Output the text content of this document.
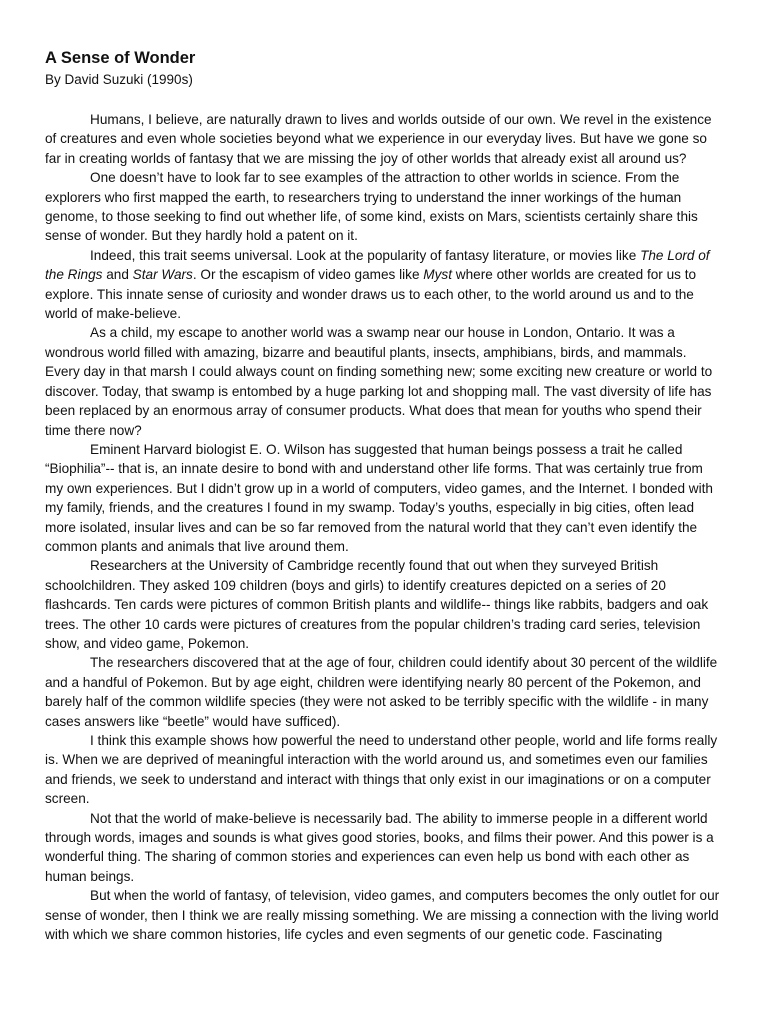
A Sense of Wonder

By David Suzuki (1990s)

Humans, I believe, are naturally drawn to lives and worlds outside of our own. We revel in the existence of creatures and even whole societies beyond what we experience in our everyday lives. But have we gone so far in creating worlds of fantasy that we are missing the joy of other worlds that already exist all around us?

One doesn’t have to look far to see examples of the attraction to other worlds in science. From the explorers who first mapped the earth, to researchers trying to understand the inner workings of the human genome, to those seeking to find out whether life, of some kind, exists on Mars, scientists certainly share this sense of wonder. But they hardly hold a patent on it.

Indeed, this trait seems universal. Look at the popularity of fantasy literature, or movies like The Lord of the Rings and Star Wars. Or the escapism of video games like Myst where other worlds are created for us to explore. This innate sense of curiosity and wonder draws us to each other, to the world around us and to the world of make-believe.

As a child, my escape to another world was a swamp near our house in London, Ontario. It was a wondrous world filled with amazing, bizarre and beautiful plants, insects, amphibians, birds, and mammals. Every day in that marsh I could always count on finding something new; some exciting new creature or world to discover. Today, that swamp is entombed by a huge parking lot and shopping mall. The vast diversity of life has been replaced by an enormous array of consumer products. What does that mean for youths who spend their time there now?

Eminent Harvard biologist E. O. Wilson has suggested that human beings possess a trait he called “Biophilia”-- that is, an innate desire to bond with and understand other life forms. That was certainly true from my own experiences. But I didn’t grow up in a world of computers, video games, and the Internet. I bonded with my family, friends, and the creatures I found in my swamp. Today’s youths, especially in big cities, often lead more isolated, insular lives and can be so far removed from the natural world that they can’t even identify the common plants and animals that live around them.

Researchers at the University of Cambridge recently found that out when they surveyed British schoolchildren. They asked 109 children (boys and girls) to identify creatures depicted on a series of 20 flashcards. Ten cards were pictures of common British plants and wildlife-- things like rabbits, badgers and oak trees. The other 10 cards were pictures of creatures from the popular children’s trading card series, television show, and video game, Pokemon.

The researchers discovered that at the age of four, children could identify about 30 percent of the wildlife and a handful of Pokemon. But by age eight, children were identifying nearly 80 percent of the Pokemon, and barely half of the common wildlife species (they were not asked to be terribly specific with the wildlife - in many cases answers like “beetle” would have sufficed).

I think this example shows how powerful the need to understand other people, world and life forms really is. When we are deprived of meaningful interaction with the world around us, and sometimes even our families and friends, we seek to understand and interact with things that only exist in our imaginations or on a computer screen.

Not that the world of make-believe is necessarily bad. The ability to immerse people in a different world through words, images and sounds is what gives good stories, books, and films their power. And this power is a wonderful thing. The sharing of common stories and experiences can even help us bond with each other as human beings.

But when the world of fantasy, of television, video games, and computers becomes the only outlet for our sense of wonder, then I think we are really missing something. We are missing a connection with the living world with which we share common histories, life cycles and even segments of our genetic code. Fascinating
